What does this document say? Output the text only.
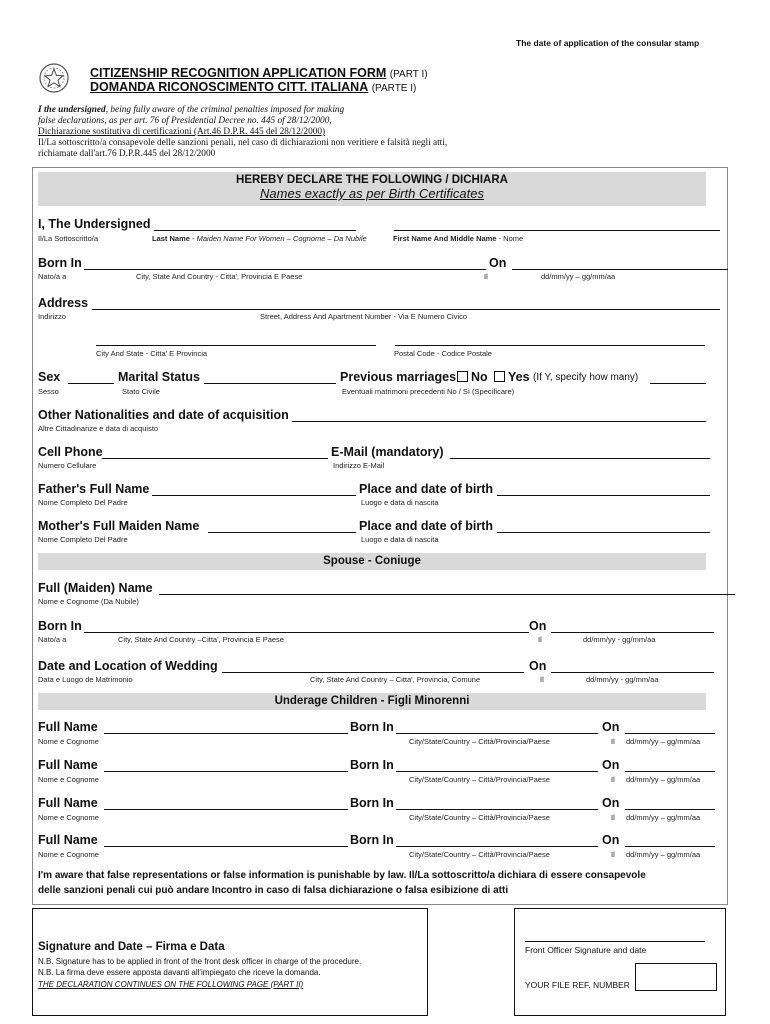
The date of application of the consular stamp
CITIZENSHIP RECOGNITION APPLICATION FORM (PART I)
DOMANDA RICONOSCIMENTO CITT. ITALIANA (PARTE I)
I the undersigned, being fully aware of the criminal penalties imposed for making
false declarations, as per art. 76 of Presidential Decree no. 445 of 28/12/2000,
Dichiarazione sostitutiva di certificazioni (Art.46 D.P.R. 445 del 28/12/2000)
Il/La sottoscritto/a consapevole delle sanzioni penali, nel caso di dichiarazioni non veritiere e falsità negli atti,
richiamate dall'art.76 D.P.R.445 del 28/12/2000
HEREBY DECLARE THE FOLLOWING / DICHIARA
Names exactly as per Birth Certificates
I, The Undersigned
Il/La Sottoscritto/a	Last Name - Maiden Name For Women – Cognome – Da Nubile	First Name And Middle Name - Nome
Born In	On
Nato/a a	City, State And Country - Citta', Provincia E Paese	Il	dd/mm/yy – gg/mm/aa
Address
Indirizzo	Street, Address And Apartment Number - Via E Numero Civico
City And State - Citta' E Provincia	Postal Code - Codice Postale
Sex	Marital Status	Previous marriages No Yes (If Y, specify how many)
Sesso	Stato Civile	Eventuali matrimoni precedenti No / Sì (Specificare)
Other Nationalities and date of acquisition
Altre Cittadinanze e data di acquisto
Cell Phone	E-Mail (mandatory)
Numero Cellulare	Indirizzo E-Mail
Father's Full Name	Place and date of birth
Nome Completo Del Padre	Luogo e data di nascita
Mother's Full Maiden Name	Place and date of birth
Nome Completo Del Padre	Luogo e data di nascita
Spouse - Coniuge
Full (Maiden) Name
Nome e Cognome (Da Nubile)
Born In	On
Nato/a a	City, State And Country –Citta', Provincia E Paese	Il	dd/mm/yy - gg/mm/aa
Date and Location of Wedding	On
Data e Luogo de Matrimonio	City, State And Country – Citta', Provincia, Comune	Il	dd/mm/yy - gg/mm/aa
Underage Children - Figli Minorenni
Full Name	Born In	On
Nome e Cognome	City/State/Country – Città/Provincia/Paese	Il dd/mm/yy – gg/mm/aa
Full Name	Born In	On
Nome e Cognome	City/State/Country – Città/Provincia/Paese	Il dd/mm/yy – gg/mm/aa
Full Name	Born In	On
Nome e Cognome	City/State/Country – Città/Provincia/Paese	Il dd/mm/yy – gg/mm/aa
Full Name	Born In	On
Nome e Cognome	City/State/Country – Città/Provincia/Paese	Il dd/mm/yy – gg/mm/aa
I'm aware that false representations or false information is punishable by law. Il/La sottoscritto/a dichiara di essere consapevole
delle sanzioni penali cui può andare Incontro in caso di falsa dichiarazione o falsa esibizione di atti
Signature and Date – Firma e Data
N.B. Signature has to be applied in front of the front desk officer in charge of the procedure.
N.B. La firma deve essere apposta davanti all'impiegato che riceve la domanda.
THE DECLARATION CONTINUES ON THE FOLLOWING PAGE (PART II)
Front Officer Signature and date
YOUR FILE REF. NUMBER
